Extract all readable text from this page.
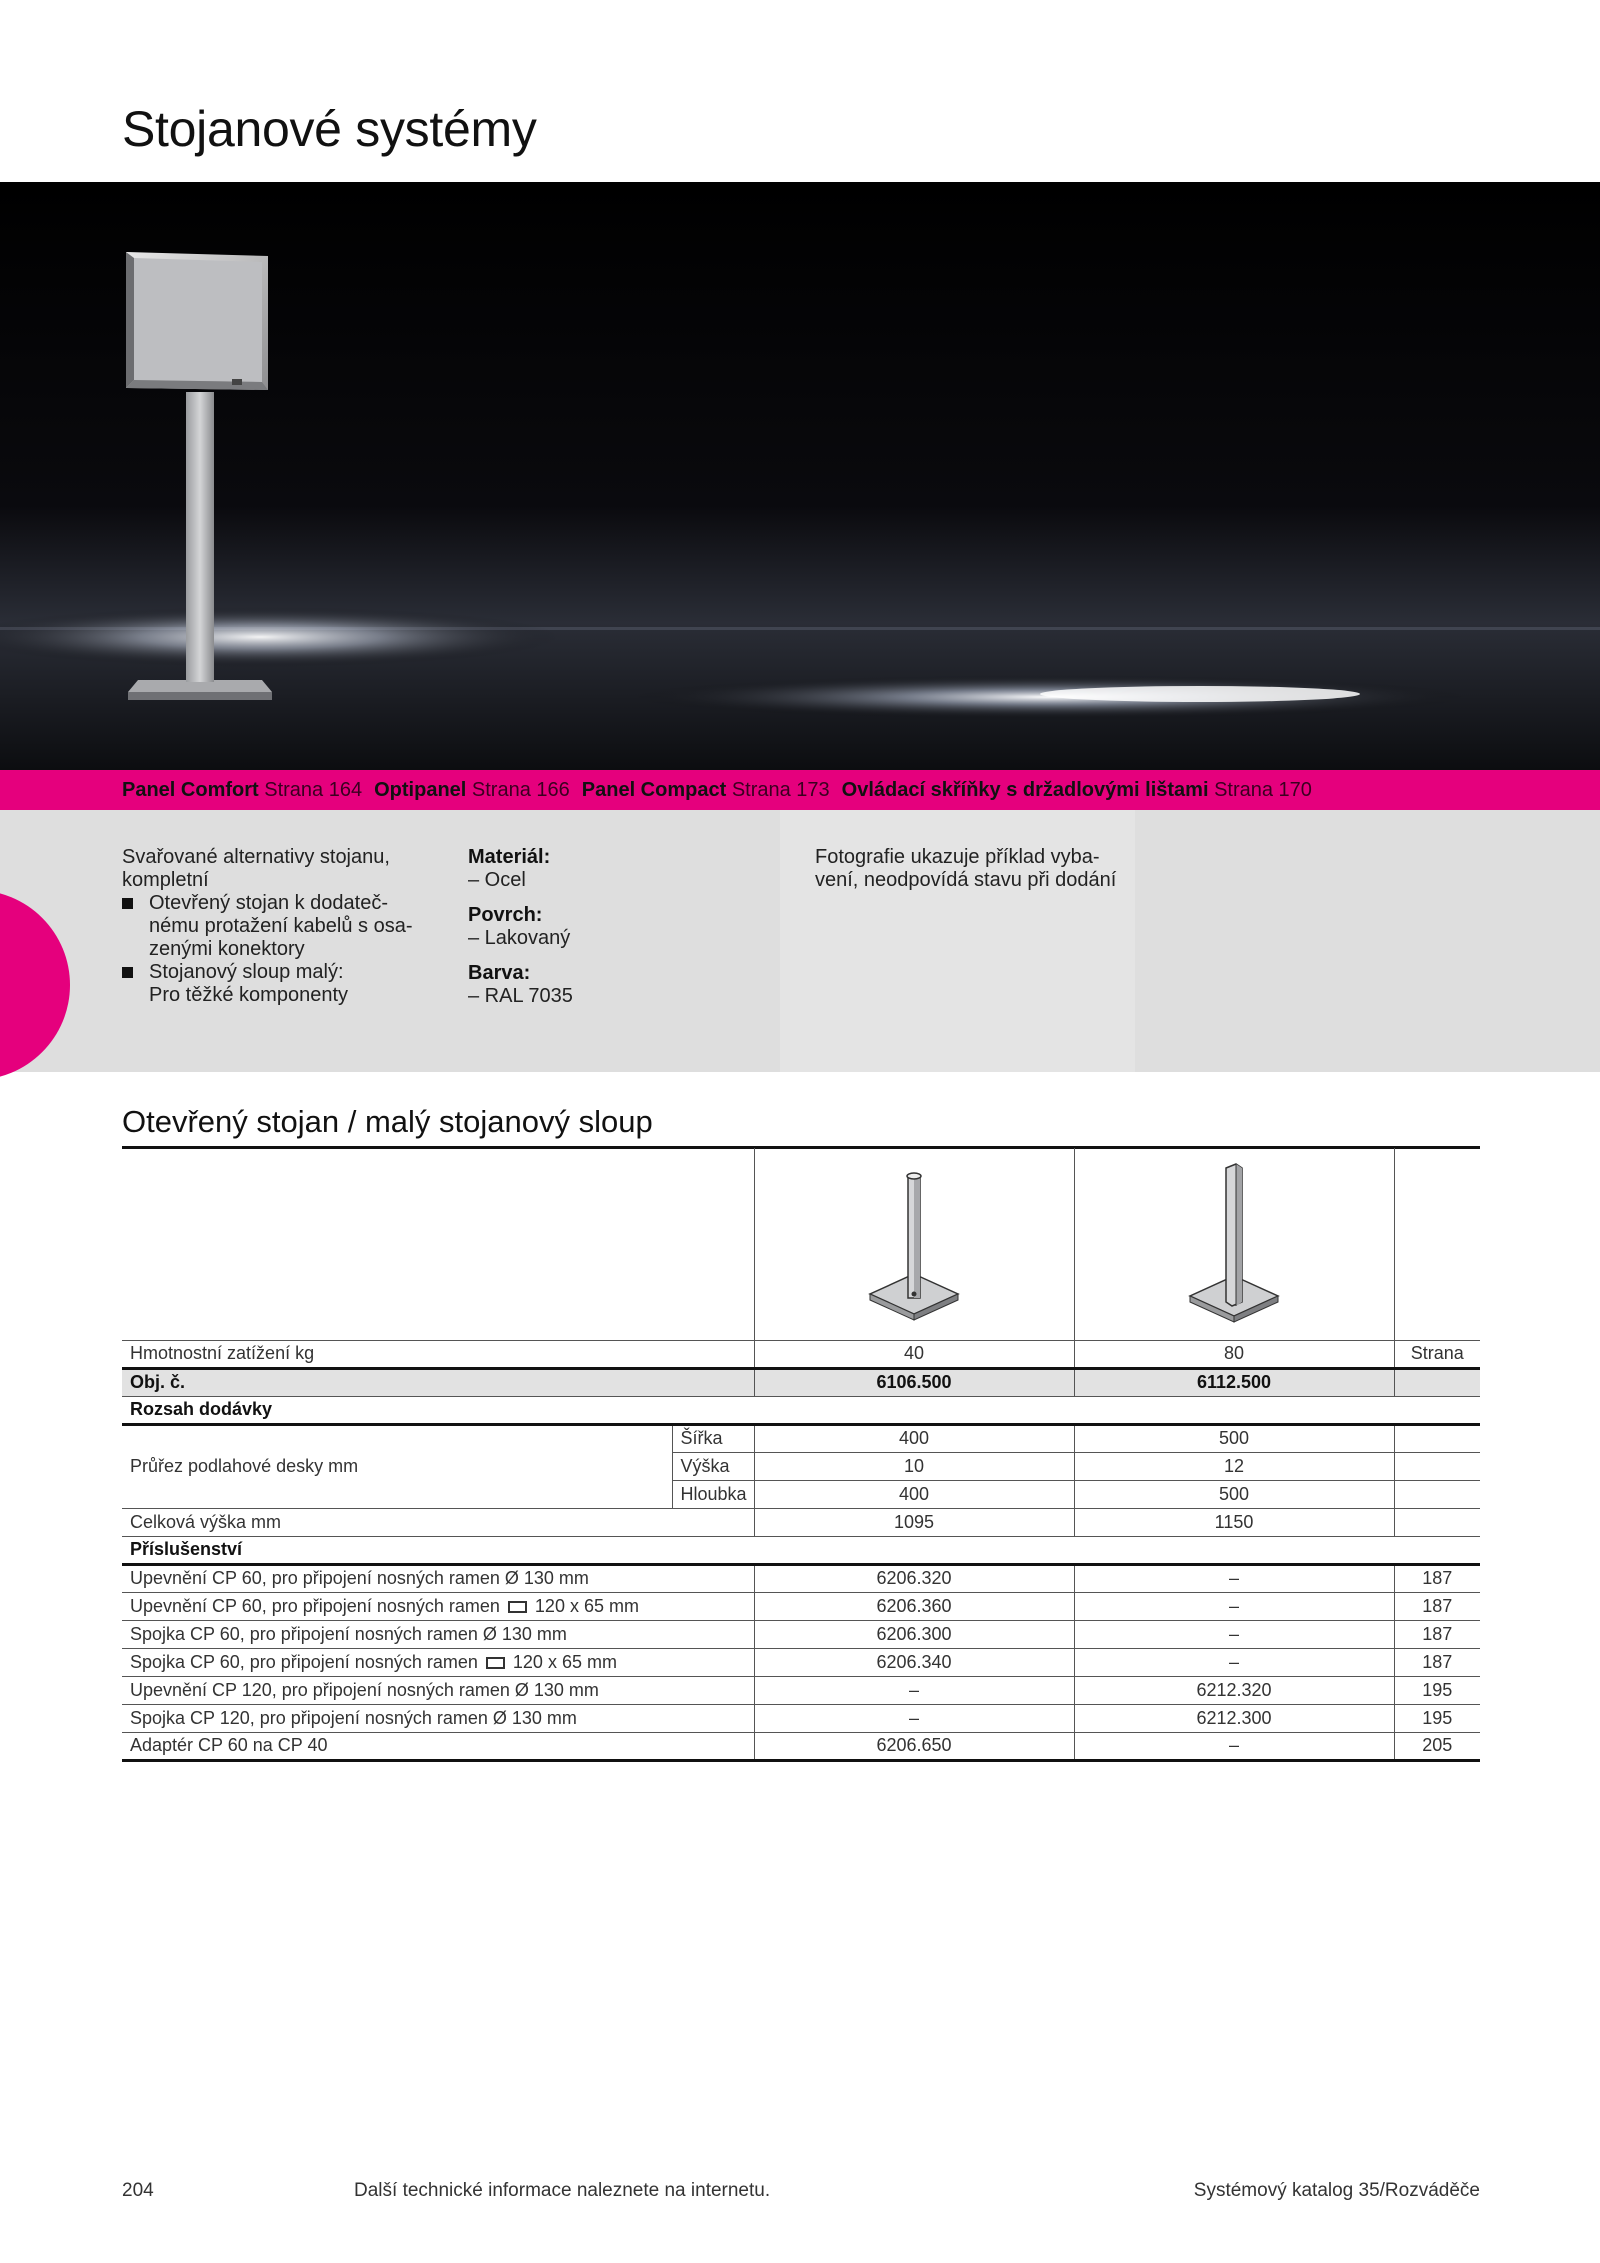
Stojanové systémy
Panel Comfort Strana 164 Optipanel Strana 166 Panel Compact Strana 173 Ovládací skříňky s držadlovými lištami Strana 170
Svařované alternativy stojanu,
kompletní
Otevřený stojan k dodateč-
nému protažení kabelů s osa-
zenými konektory
Stojanový sloup malý:
Pro těžké komponenty
Materiál:
– Ocel
Povrch:
– Lakovaný
Barva:
– RAL 7035
Fotografie ukazuje příklad vyba-
vení, neodpovídá stavu při dodání
Otevřený stojan / malý stojanový sloup

Hmotnostní zatížení kg		40	80	Strana
Obj. č.		6106.500	6112.500	
Rozsah dodávky				
Průřez podlahové desky mm	Šířka	400	500	
	Výška	10	12	
	Hloubka	400	500	
Celková výška mm		1095	1150	
Příslušenství				
Upevnění CP 60, pro připojení nosných ramen Ø 130 mm		6206.320	–	187
Upevnění CP 60, pro připojení nosných ramen 120 x 65 mm		6206.360	–	187
Spojka CP 60, pro připojení nosných ramen Ø 130 mm		6206.300	–	187
Spojka CP 60, pro připojení nosných ramen 120 x 65 mm		6206.340	–	187
Upevnění CP 120, pro připojení nosných ramen Ø 130 mm		–	6212.320	195
Spojka CP 120, pro připojení nosných ramen Ø 130 mm		–	6212.300	195
Adaptér CP 60 na CP 40		6206.650	–	205
204	Další technické informace naleznete na internetu.	Systémový katalog 35/Rozváděče
